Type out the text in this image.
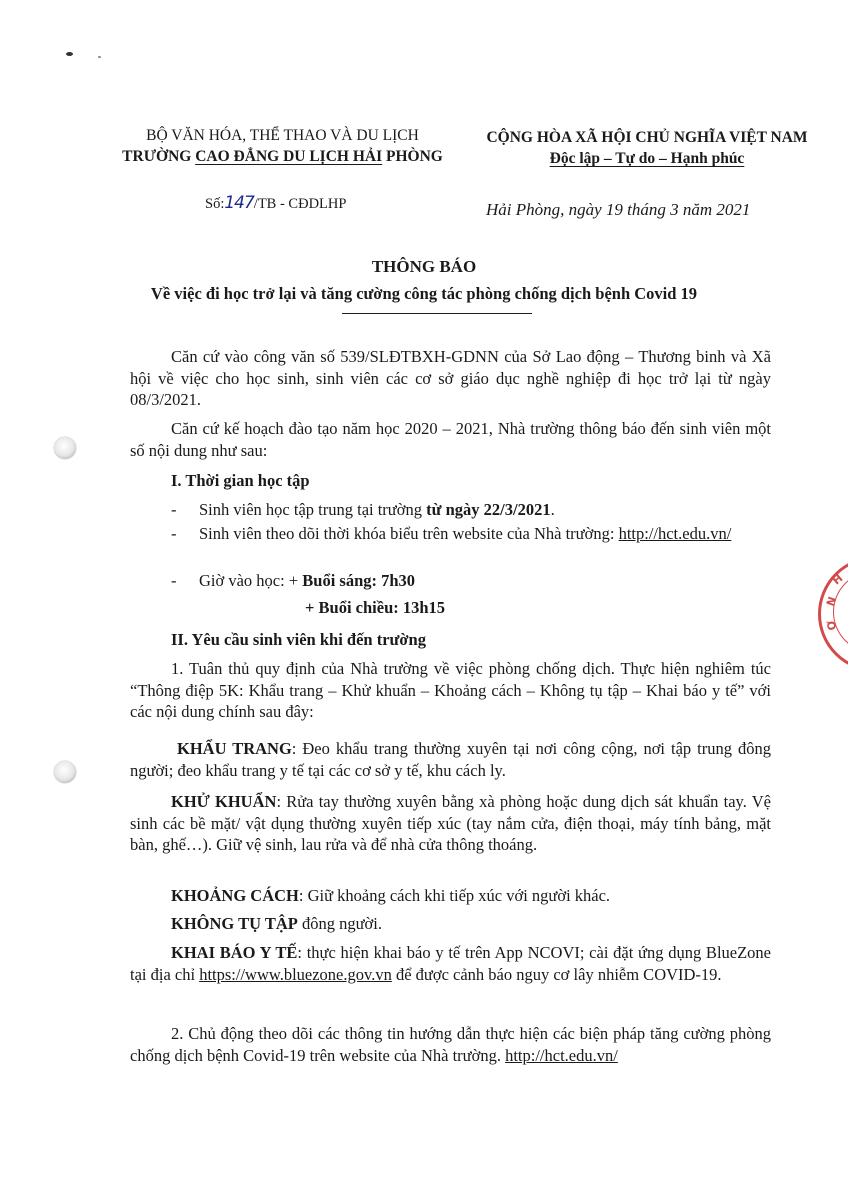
H
N
Ơ
BỘ VĂN HÓA, THỂ THAO VÀ DU LỊCH
TRƯỜNG CAO ĐẲNG DU LỊCH HẢI PHÒNG
Số:147/TB - CĐDLHP
CỘNG HÒA XÃ HỘI CHỦ NGHĨA VIỆT NAM
Độc lập – Tự do – Hạnh phúc
Hải Phòng, ngày 19 tháng 3 năm 2021
THÔNG BÁO
Về việc đi học trở lại và tăng cường công tác phòng chống dịch bệnh Covid 19
Căn cứ vào công văn số 539/SLĐTBXH-GDNN của Sở Lao động – Thương binh và Xã hội về việc cho học sinh, sinh viên các cơ sở giáo dục nghề nghiệp đi học trở lại từ ngày 08/3/2021.
Căn cứ kế hoạch đào tạo năm học 2020 – 2021, Nhà trường thông báo đến sinh viên một số nội dung như sau:
I. Thời gian học tập
- Sinh viên học tập trung tại trường từ ngày 22/3/2021.
- Sinh viên theo dõi thời khóa biểu trên website của Nhà trường: http://hct.edu.vn/
- Giờ vào học: + Buổi sáng: 7h30
+ Buổi chiều: 13h15
II. Yêu cầu sinh viên khi đến trường
1. Tuân thủ quy định của Nhà trường về việc phòng chống dịch. Thực hiện nghiêm túc “Thông điệp 5K: Khẩu trang – Khử khuẩn – Khoảng cách – Không tụ tập – Khai báo y tế” với các nội dung chính sau đây:
KHẨU TRANG: Đeo khẩu trang thường xuyên tại nơi công cộng, nơi tập trung đông người; đeo khẩu trang y tế tại các cơ sở y tế, khu cách ly.
KHỬ KHUẨN: Rửa tay thường xuyên bằng xà phòng hoặc dung dịch sát khuẩn tay. Vệ sinh các bề mặt/ vật dụng thường xuyên tiếp xúc (tay nắm cửa, điện thoại, máy tính bảng, mặt bàn, ghế…). Giữ vệ sinh, lau rửa và để nhà cửa thông thoáng.
KHOẢNG CÁCH: Giữ khoảng cách khi tiếp xúc với người khác.
KHÔNG TỤ TẬP đông người.
KHAI BÁO Y TẾ: thực hiện khai báo y tế trên App NCOVI; cài đặt ứng dụng BlueZone tại địa chỉ https://www.bluezone.gov.vn để được cảnh báo nguy cơ lây nhiễm COVID-19.
2. Chủ động theo dõi các thông tin hướng dẫn thực hiện các biện pháp tăng cường phòng chống dịch bệnh Covid-19 trên website của Nhà trường. http://hct.edu.vn/
